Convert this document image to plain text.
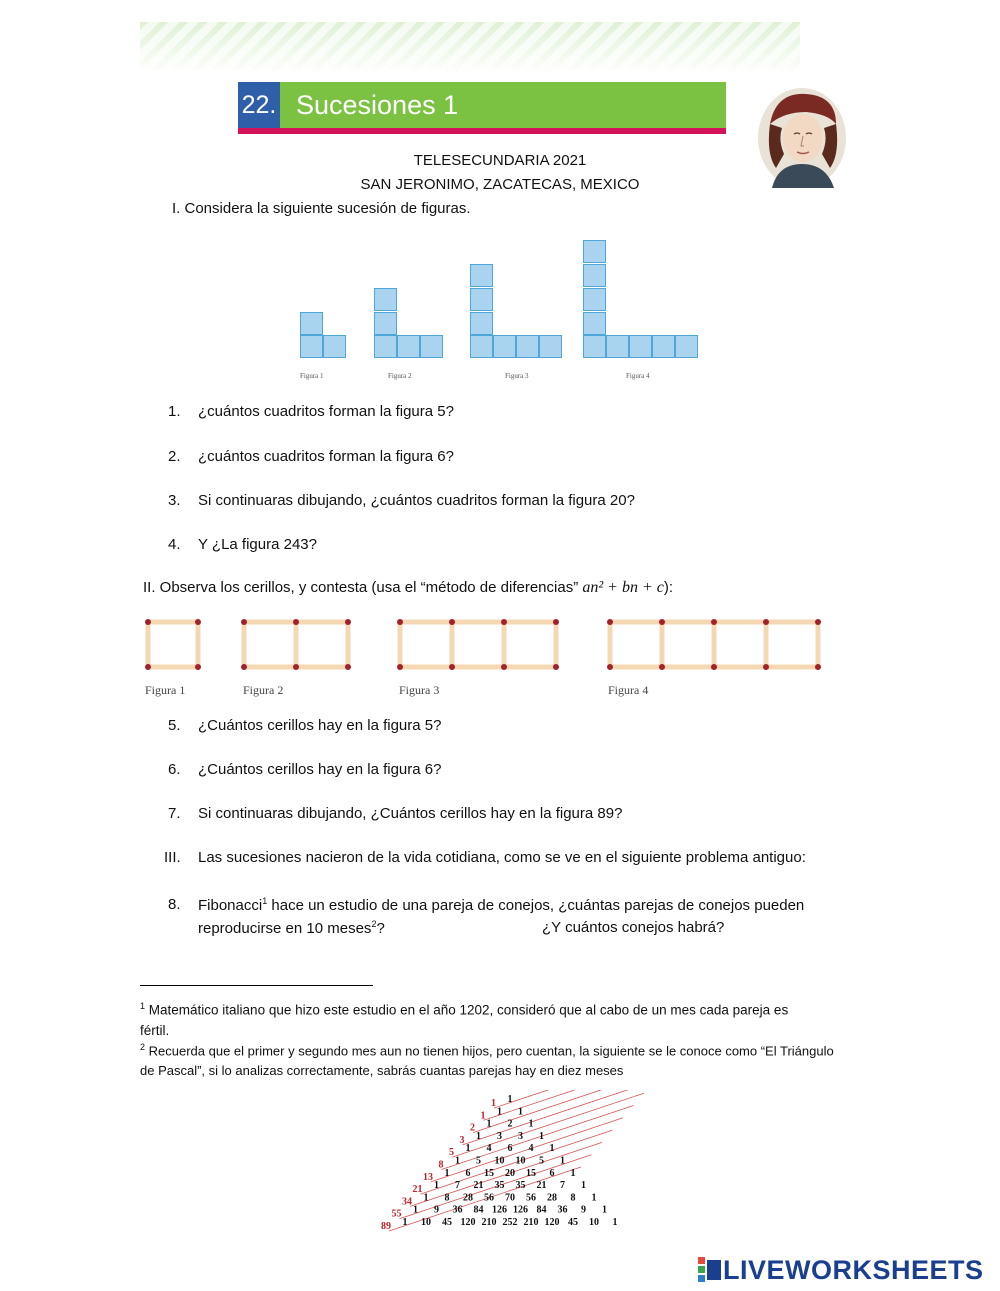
22. Sucesiones 1
TELESECUNDARIA 2021
SAN JERONIMO, ZACATECAS, MEXICO
I. Considera la siguiente sucesión de figuras.
Figura 1	Figura 2	Figura 3	Figura 4
1. ¿cuántos cuadritos forman la figura 5?
2. ¿cuántos cuadritos forman la figura 6?
3. Si continuaras dibujando, ¿cuántos cuadritos forman la figura 20?
4. Y ¿La figura 243?
II. Observa los cerillos, y contesta (usa el “método de diferencias” an² + bn + c):
Figura 1	Figura 2	Figura 3	Figura 4
5. ¿Cuántos cerillos hay en la figura 5?
6. ¿Cuántos cerillos hay en la figura 6?
7. Si continuaras dibujando, ¿Cuántos cerillos hay en la figura 89?
III. Las sucesiones nacieron de la vida cotidiana, como se ve en el siguiente problema antiguo:
8. Fibonacci$^1$ hace un estudio de una pareja de conejos, ¿cuántas parejas de conejos pueden
reproducirse en 10 meses$^2$?	¿Y cuántos conejos habrá?
$^1$ Matemático italiano que hizo este estudio en el año 1202, consideró que al cabo de un mes cada pareja es
fértil.
$^2$ Recuerda que el primer y segundo mes aun no tienen hijos, pero cuentan, la siguiente se le conoce como “El Triángulo
de Pascal”, si lo analizas correctamente, sabrás cuantas parejas hay en diez meses
1
1 1
1 2 1
1 3 3 1
1 4 6 4 1
1 5 10 10 5 1
1 6 15 20 15 6 1
1 7 21 35 35 21 7 1
1 8 28 56 70 56 28 8 1
1 9 36 84 126 126 84 36 9 1
1 10 45 120 210 252 210 120 45 10 1
1
1
2
3
5
8
13
21
34
55
89
LIVEWORKSHEETS
